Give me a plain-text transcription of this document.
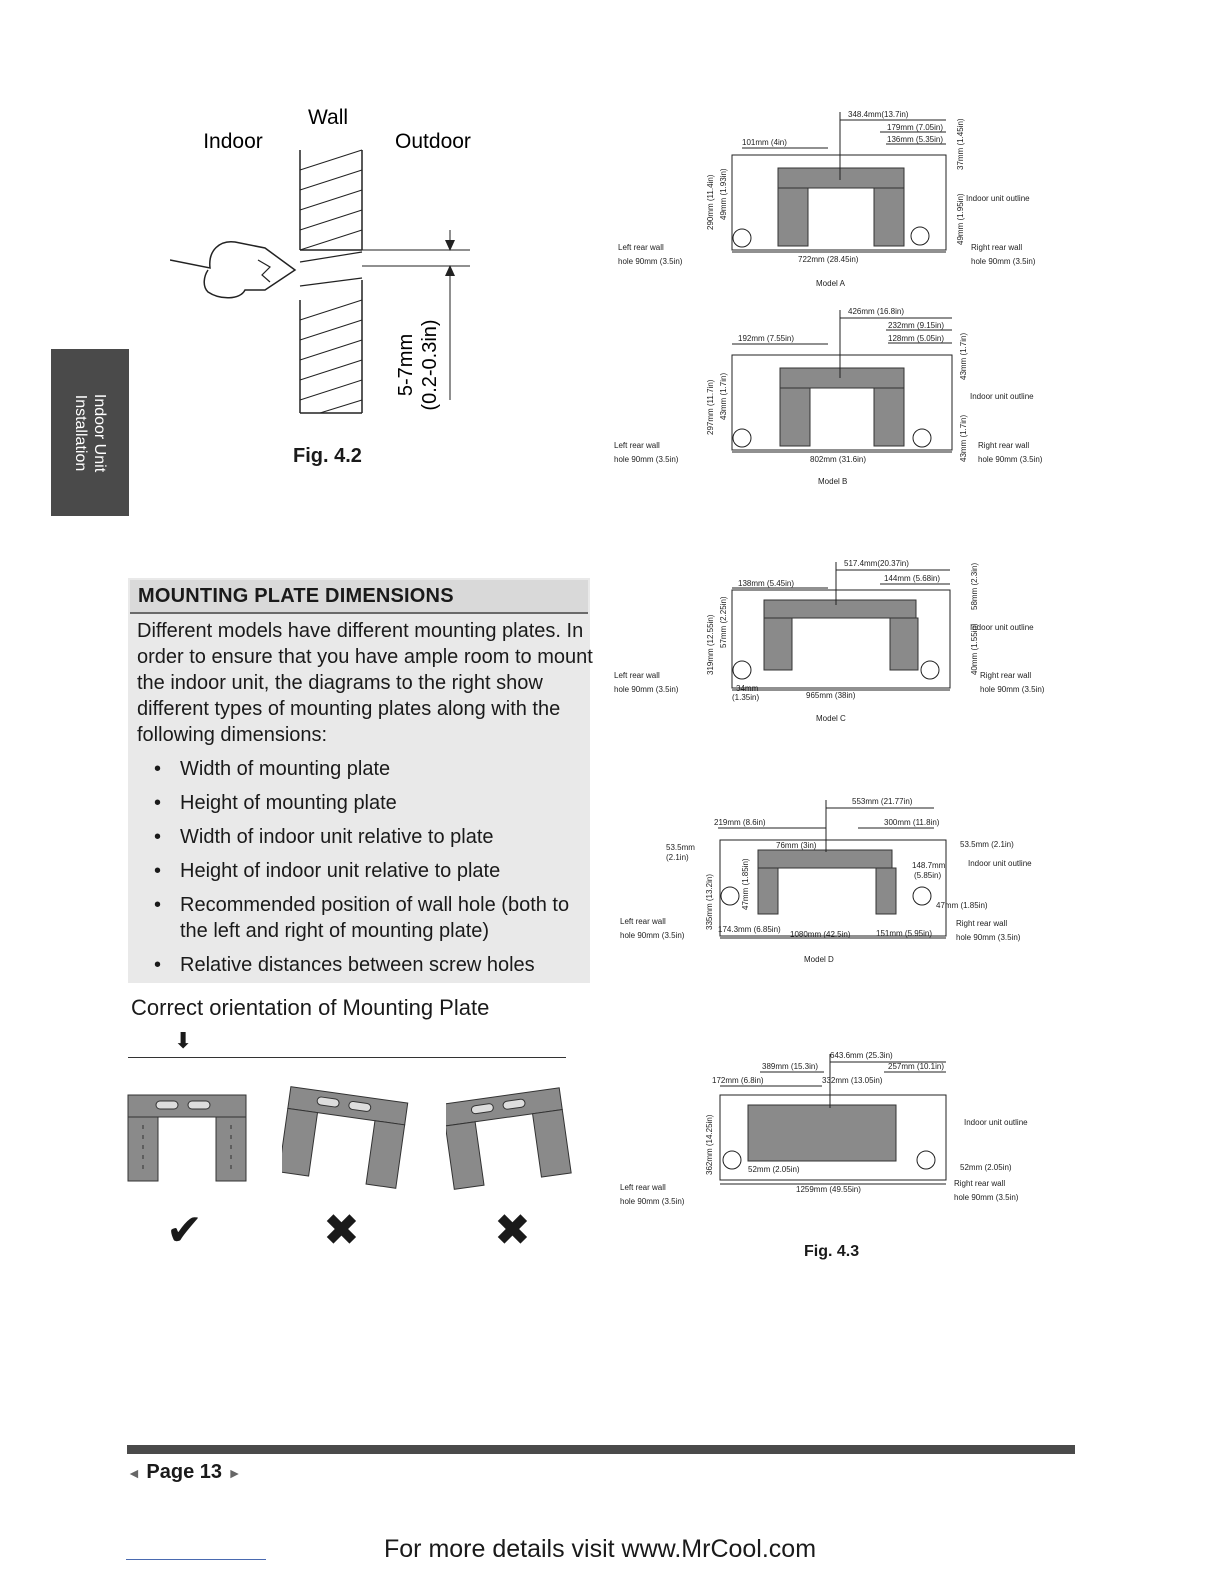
Indoor Unit
Installation
Wall
Indoor	Outdoor
5-7mm (0.2-0.3in)
Fig. 4.2
MOUNTING PLATE DIMENSIONS
Different models have different mounting plates. In order to ensure that you have ample room to mount the indoor unit, the diagrams to the right show different types of mounting plates along with the following dimensions:
• Width of mounting plate
• Height of mounting plate
• Width of indoor unit relative to plate
• Height of indoor unit relative to plate
• Recommended position of wall hole (both to the left and right of mounting plate)
• Relative distances between screw holes
Correct orientation of Mounting Plate
⬇
✔	✖	✖
348.4mm(13.7in)
179mm (7.05in)
136mm (5.35in)
101mm (4in)
290mm (11.4in) 49mm (1.93in)
722mm (28.45in)
37mm (1.45in)
49mm (1.95in)
Left rear wall
hole 90mm (3.5in)
Right rear wall
hole 90mm (3.5in)
Indoor unit outline
Model A
426mm (16.8in)
232mm (9.15in)
128mm (5.05in)
192mm (7.55in)
297mm (11.7in) 43mm (1.7in)
802mm (31.6in)
43mm (1.7in)
43mm (1.7in)
Left rear wall
hole 90mm (3.5in)
Right rear wall
hole 90mm (3.5in)
Indoor unit outline
Model B
517.4mm(20.37in)
144mm (5.68in)
138mm (5.45in)
319mm (12.55in) 57mm (2.25in)
34mm
(1.35in)	965mm (38in)
58mm (2.3in)
40mm (1.55in)
Left rear wall
hole 90mm (3.5in)
Right rear wall
hole 90mm (3.5in)
Indoor unit outline
Model C
553mm (21.77in)
219mm (8.6in)	300mm (11.8in)
53.5mm
(2.1in)
76mm (3in)	53.5mm (2.1in)
148.7mm
(5.85in)
335mm (13.2in)	47mm (1.85in)	47mm (1.85in)
174.3mm (6.85in)
1080mm (42.5in)	151mm (5.95in)
Left rear wall
hole 90mm (3.5in)
Right rear wall
hole 90mm (3.5in)
Indoor unit outline
Model D
643.6mm (25.3in)
389mm (15.3in)	257mm (10.1in)
172mm (6.8in)	332mm (13.05in)
362mm (14.25in)	52mm (2.05in)
1259mm (49.55in)
52mm (2.05in)
Left rear wall
hole 90mm (3.5in)
Right rear wall
hole 90mm (3.5in)
Indoor unit outline
Fig. 4.3
◄ Page 13 ►
For more details visit www.MrCool.com
